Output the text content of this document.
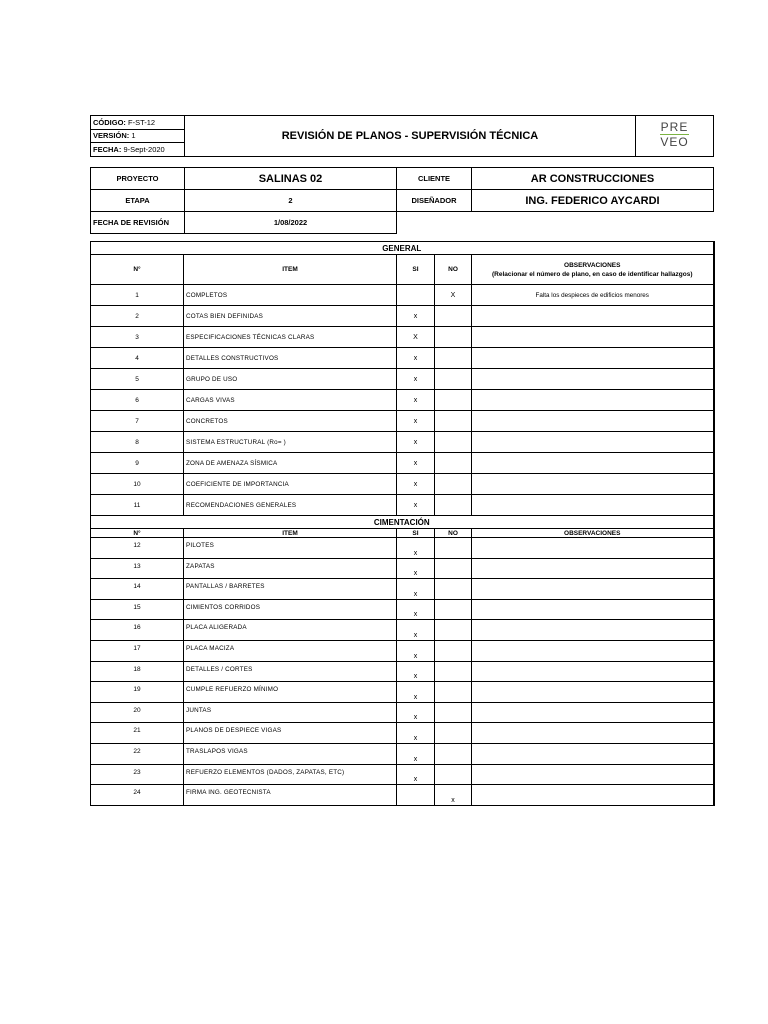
CÓDIGO: F-ST-12	REVISIÓN DE PLANOS - SUPERVISIÓN TÉCNICA	PRE
VEO
VERSIÓN: 1
FECHA: 9-Sept-2020
PROYECTO	SALINAS 02	CLIENTE	AR CONSTRUCCIONES
ETAPA	2	DISEÑADOR	ING. FEDERICO AYCARDI
FECHA DE REVISIÓN	1/08/2022		
GENERAL				
N°	ITEM	SI	NO	OBSERVACIONES
(Relacionar el número de plano, en caso de identificar hallazgos)

1	COMPLETOS		X	Falta los despieces de edificios menores
2	COTAS BIEN DEFINIDAS	x		
3	ESPECIFICACIONES TÉCNICAS CLARAS	X		
4	DETALLES CONSTRUCTIVOS	x		
5	GRUPO DE USO	x		
6	CARGAS VIVAS	x		
7	CONCRETOS	x		
8	SISTEMA ESTRUCTURAL (Ro= )	x		
9	ZONA DE AMENAZA SÍSMICA	x		
10	COEFICIENTE DE IMPORTANCIA	x		
11	RECOMENDACIONES GENERALES	x		
CIMENTACIÓN				
N°	ITEM	SI	NO	OBSERVACIONES
12	PILOTES	x		
13	ZAPATAS	x		
14	PANTALLAS / BARRETES	x		
15	CIMIENTOS CORRIDOS	x		
16	PLACA ALIGERADA	x		
17	PLACA MACIZA	x		
18	DETALLES / CORTES	x		
19	CUMPLE REFUERZO MÍNIMO	x		
20	JUNTAS	x		
21	PLANOS DE DESPIECE VIGAS	x		
22	TRASLAPOS VIGAS	x		
23	REFUERZO ELEMENTOS (DADOS, ZAPATAS, ETC)	x		
24	FIRMA ING. GEOTECNISTA		x	
